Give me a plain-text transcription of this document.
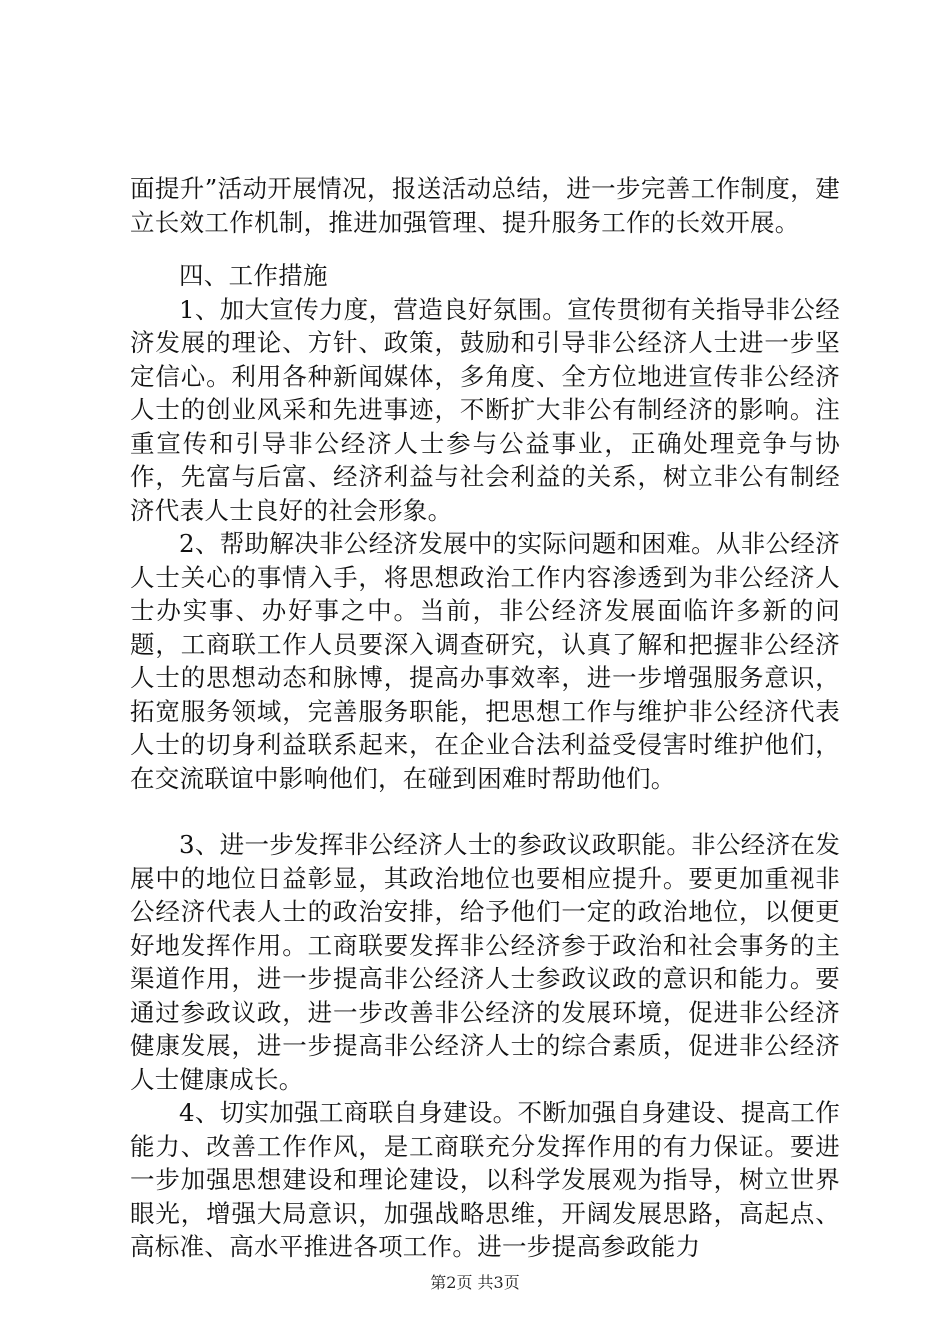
面提升”活动开展情况，报送活动总结，进一步完善工作制度，建立长效工作机制，推进加强管理、提升服务工作的长效开展。

四、工作措施

1、加大宣传力度，营造良好氛围。宣传贯彻有关指导非公经济发展的理论、方针、政策，鼓励和引导非公经济人士进一步坚定信心。利用各种新闻媒体，多角度、全方位地进宣传非公经济人士的创业风采和先进事迹，不断扩大非公有制经济的影响。注重宣传和引导非公经济人士参与公益事业，正确处理竞争与协作，先富与后富、经济利益与社会利益的关系，树立非公有制经济代表人士良好的社会形象。

2、帮助解决非公经济发展中的实际问题和困难。从非公经济人士关心的事情入手，将思想政治工作内容渗透到为非公经济人士办实事、办好事之中。当前，非公经济发展面临许多新的问题，工商联工作人员要深入调查研究，认真了解和把握非公经济人士的思想动态和脉博，提高办事效率，进一步增强服务意识，拓宽服务领域，完善服务职能，把思想工作与维护非公经济代表人士的切身利益联系起来，在企业合法利益受侵害时维护他们，在交流联谊中影响他们，在碰到困难时帮助他们。

3、进一步发挥非公经济人士的参政议政职能。非公经济在发展中的地位日益彰显，其政治地位也要相应提升。要更加重视非公经济代表人士的政治安排，给予他们一定的政治地位，以便更好地发挥作用。工商联要发挥非公经济参于政治和社会事务的主渠道作用，进一步提高非公经济人士参政议政的意识和能力。要通过参政议政，进一步改善非公经济的发展环境，促进非公经济健康发展，进一步提高非公经济人士的综合素质，促进非公经济人士健康成长。

4、切实加强工商联自身建设。不断加强自身建设、提高工作能力、改善工作作风，是工商联充分发挥作用的有力保证。要进一步加强思想建设和理论建设，以科学发展观为指导，树立世界眼光，增强大局意识，加强战略思维，开阔发展思路，高起点、高标准、高水平推进各项工作。进一步提高参政能力

第2页 共3页
